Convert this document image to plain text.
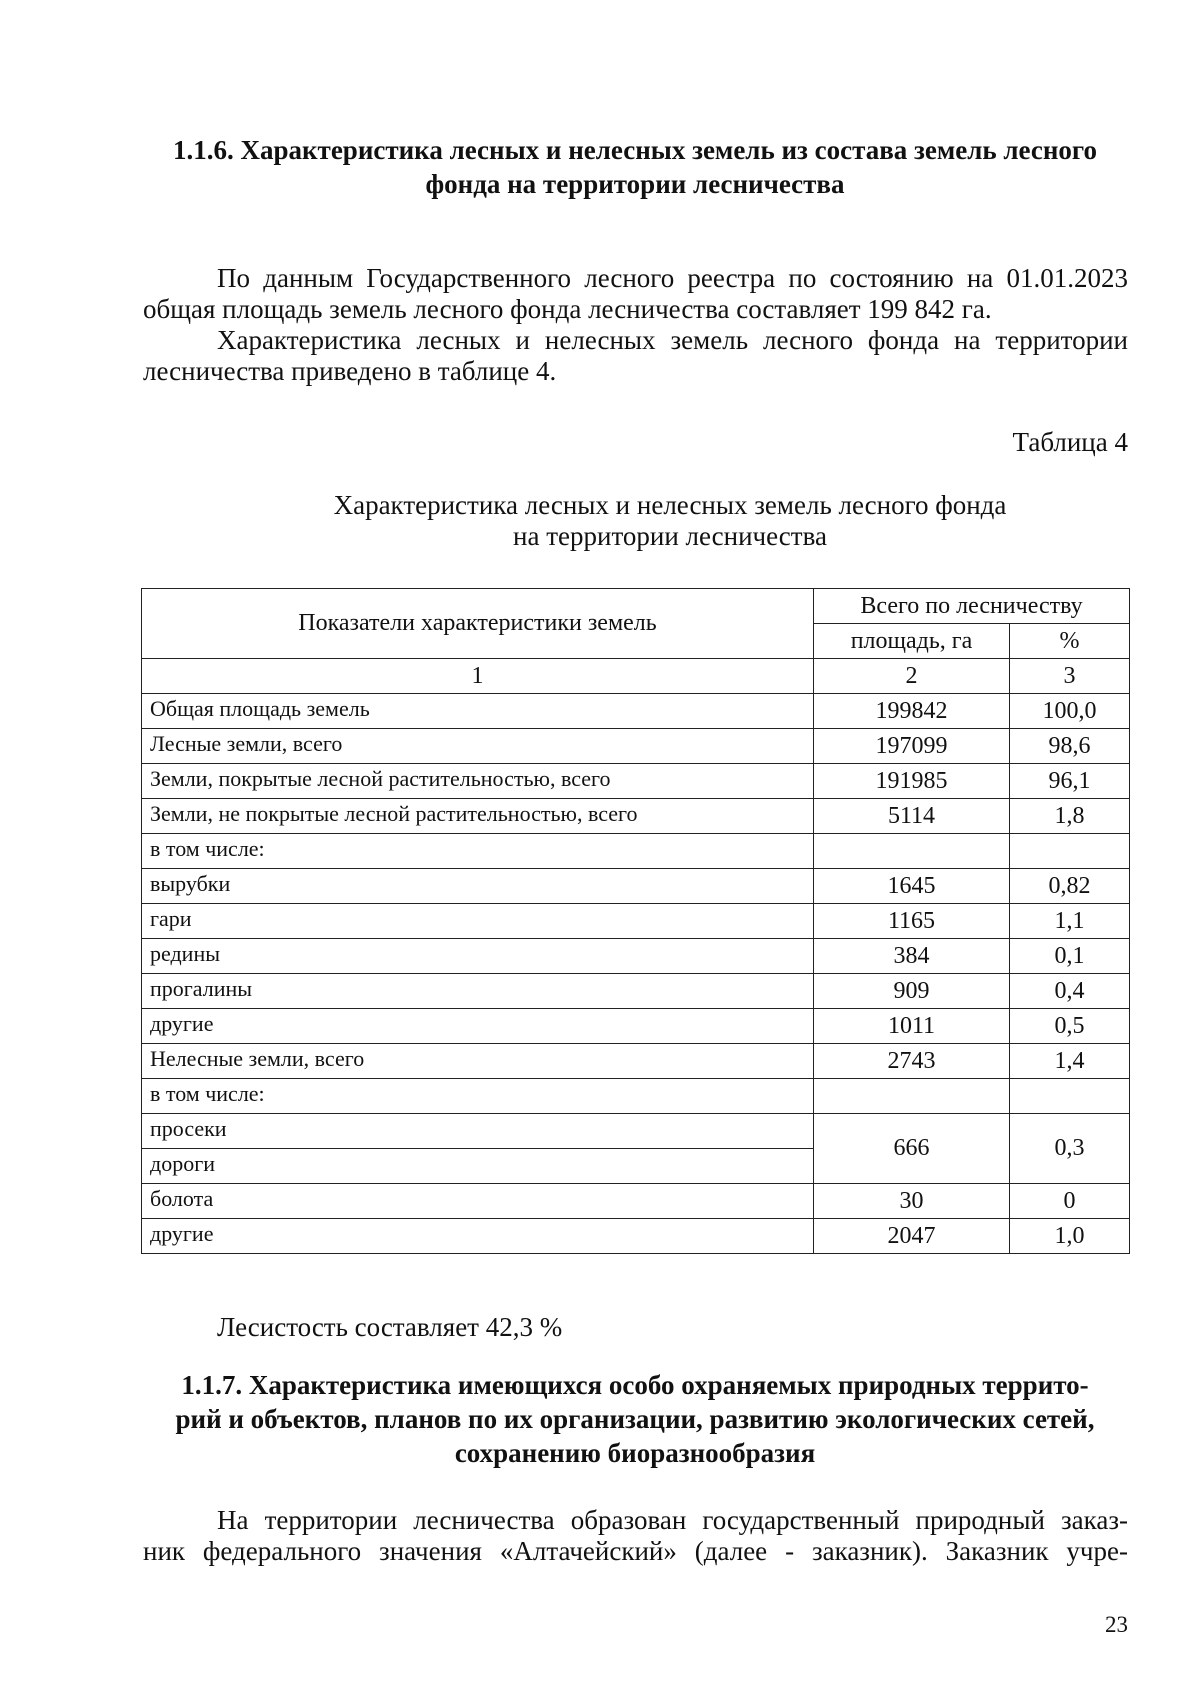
1.1.6. Характеристика лесных и нелесных земель из состава земель лесного
фонда на территории лесничества
По данным Государственного лесного реестра по состоянию на 01.01.2023
общая площадь земель лесного фонда лесничества составляет 199 842 га.
Характеристика лесных и нелесных земель лесного фонда на территории
лесничества приведено в таблице 4.
Таблица 4
Характеристика лесных и нелесных земель лесного фонда
на территории лесничества
Показатели характеристики земель	Всего по лесничеству	
	площадь, га	%
1	2	3
Общая площадь земель	199842	100,0
Лесные земли, всего	197099	98,6
Земли, покрытые лесной растительностью, всего	191985	96,1
Земли, не покрытые лесной растительностью, всего	5114	1,8
в том числе:		
вырубки	1645	0,82
гари	1165	1,1
редины	384	0,1
прогалины	909	0,4
другие	1011	0,5
Нелесные земли, всего	2743	1,4
в том числе:		
просеки	666	0,3
дороги		
болота	30	0
другие	2047	1,0
Лесистость составляет 42,3 %
1.1.7. Характеристика имеющихся особо охраняемых природных террито-
рий и объектов, планов по их организации, развитию экологических сетей,
сохранению биоразнообразия
На территории лесничества образован государственный природный заказ-
ник федерального значения «Алтачейский» (далее - заказник). Заказник учре-
23
